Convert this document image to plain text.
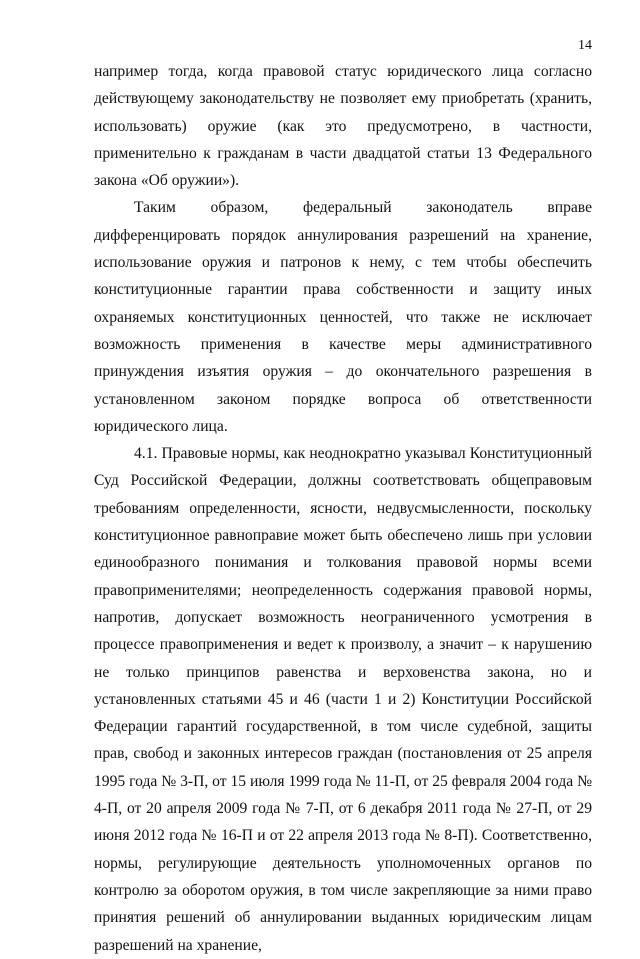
14

например тогда, когда правовой статус юридического лица согласно действующему законодательству не позволяет ему приобретать (хранить, использовать) оружие (как это предусмотрено, в частности, применительно к гражданам в части двадцатой статьи 13 Федерального закона «Об оружии»).

Таким образом, федеральный законодатель вправе дифференцировать порядок аннулирования разрешений на хранение, использование оружия и патронов к нему, с тем чтобы обеспечить конституционные гарантии права собственности и защиту иных охраняемых конституционных ценностей, что также не исключает возможность применения в качестве меры административного принуждения изъятия оружия – до окончательного разрешения в установленном законом порядке вопроса об ответственности юридического лица.

4.1. Правовые нормы, как неоднократно указывал Конституционный Суд Российской Федерации, должны соответствовать общеправовым требованиям определенности, ясности, недвусмысленности, поскольку конституционное равноправие может быть обеспечено лишь при условии единообразного понимания и толкования правовой нормы всеми правоприменителями; неопределенность содержания правовой нормы, напротив, допускает возможность неограниченного усмотрения в процессе правоприменения и ведет к произволу, а значит – к нарушению не только принципов равенства и верховенства закона, но и установленных статьями 45 и 46 (части 1 и 2) Конституции Российской Федерации гарантий государственной, в том числе судебной, защиты прав, свобод и законных интересов граждан (постановления от 25 апреля 1995 года № 3-П, от 15 июля 1999 года № 11-П, от 25 февраля 2004 года № 4-П, от 20 апреля 2009 года № 7-П, от 6 декабря 2011 года № 27-П, от 29 июня 2012 года № 16-П и от 22 апреля 2013 года № 8-П). Соответственно, нормы, регулирующие деятельность уполномоченных органов по контролю за оборотом оружия, в том числе закрепляющие за ними право принятия решений об аннулировании выданных юридическим лицам разрешений на хранение,
